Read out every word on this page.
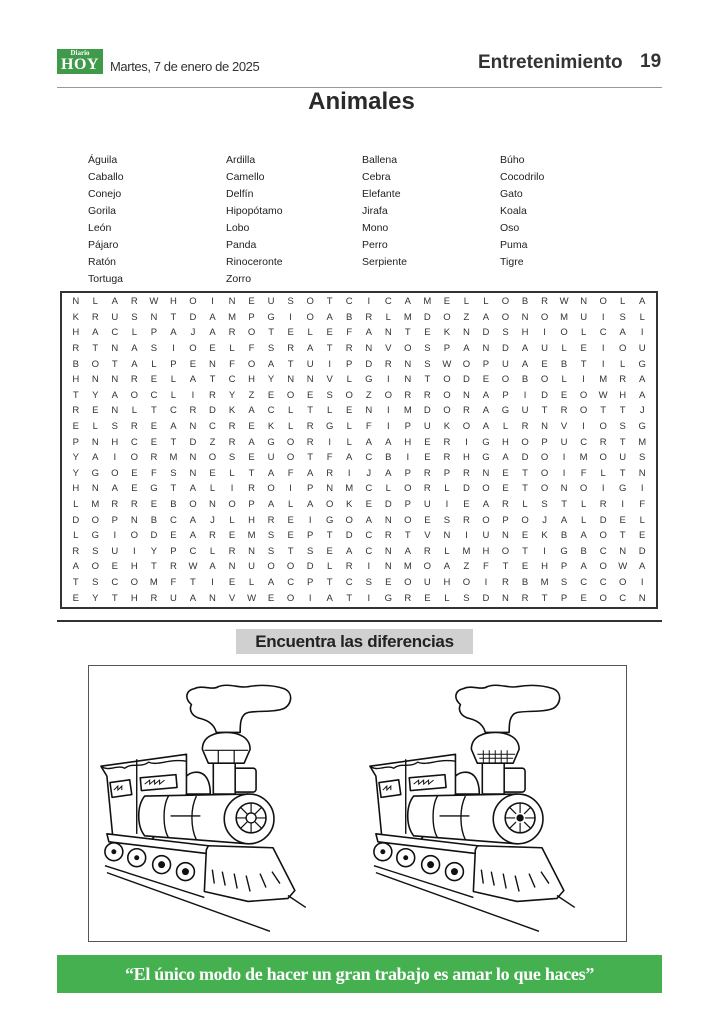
Diario
HOY Martes, 7 de enero de 2025	Entretenimiento 19
Animales
Águila	Ardilla	Ballena	Búho
Caballo	Camello	Cebra	Cocodrilo
Conejo	Delfín	Elefante	Gato
Gorila	Hipopótamo	Jirafa	Koala
León	Lobo	Mono	Oso
Pájaro	Panda	Perro	Puma
Ratón	Rinoceronte	Serpiente	Tigre
Tortuga	Zorro
N	L	A	R	W	H	O	I	N	E	U	S	O	T	C	I	C	A	M	E	L	L	O	B	R	W	N	O	L	A
K	R	U	S	N	T	D	A	M	P	G	I	O	A	B	R	L	M	D	O	Z	A	O	N	O	M	U	I	S	L
H	A	C	L	P	A	J	A	R	O	T	E	L	E	F	A	N	T	E	K	N	D	S	H	I	O	L	C	A	I
R	T	N	A	S	I	O	E	L	F	S	R	A	T	R	N	V	O	S	P	A	N	D	A	U	L	E	I	O	U
B	O	T	A	L	P	E	N	F	O	A	T	U	I	P	D	R	N	S	W	O	P	U	A	E	B	T	I	L	G
H	N	N	R	E	L	A	T	C	H	Y	N	N	V	L	G	I	N	T	O	D	E	O	B	O	L	I	M	R	A
T	Y	A	O	C	L	I	R	Y	Z	E	O	E	S	O	Z	O	R	R	O	N	A	P	I	D	E	O	W	H	A
R	E	N	L	T	C	R	D	K	A	C	L	T	L	E	N	I	M	D	O	R	A	G	U	T	R	O	T	T	J
E	L	S	R	E	A	N	C	R	E	K	L	R	G	L	F	I	P	U	K	O	A	L	R	N	V	I	O	S	G
P	N	H	C	E	T	D	Z	R	A	G	O	R	I	L	A	A	H	E	R	I	G	H	O	P	U	C	R	T	M
Y	A	I	O	R	M	N	O	S	E	U	O	T	F	A	C	B	I	E	R	H	G	A	D	O	I	M	O	U	S
Y	G	O	E	F	S	N	E	L	T	A	F	A	R	I	J	A	P	R	P	R	N	E	T	O	I	F	L	T	N
H	N	A	E	G	T	A	L	I	R	O	I	P	N	M	C	L	O	R	L	D	O	E	T	O	N	O	I	G	I
L	M	R	R	E	B	O	N	O	P	A	L	A	O	K	E	D	P	U	I	E	A	R	L	S	T	L	R	I	F
D	O	P	N	B	C	A	J	L	H	R	E	I	G	O	A	N	O	E	S	R	O	P	O	J	A	L	D	E	L
L	G	I	O	D	E	A	R	E	M	S	E	P	T	D	C	R	T	V	N	I	U	N	E	K	B	A	O	T	E
R	S	U	I	Y	P	C	L	R	N	S	T	S	E	A	C	N	A	R	L	M	H	O	T	I	G	B	C	N	D
A	O	E	H	T	R	W	A	N	U	O	O	D	L	R	I	N	M	O	A	Z	F	T	E	H	P	A	O	W	A
T	S	C	O	M	F	T	I	E	L	A	C	P	T	C	S	E	O	U	H	O	I	R	B	M	S	C	C	O	I
E	Y	T	H	R	U	A	N	V	W	E	O	I	A	T	I	G	R	E	L	S	D	N	R	T	P	E	O	C	N
Encuentra las diferencias
“El único modo de hacer un gran trabajo es amar lo que haces”
